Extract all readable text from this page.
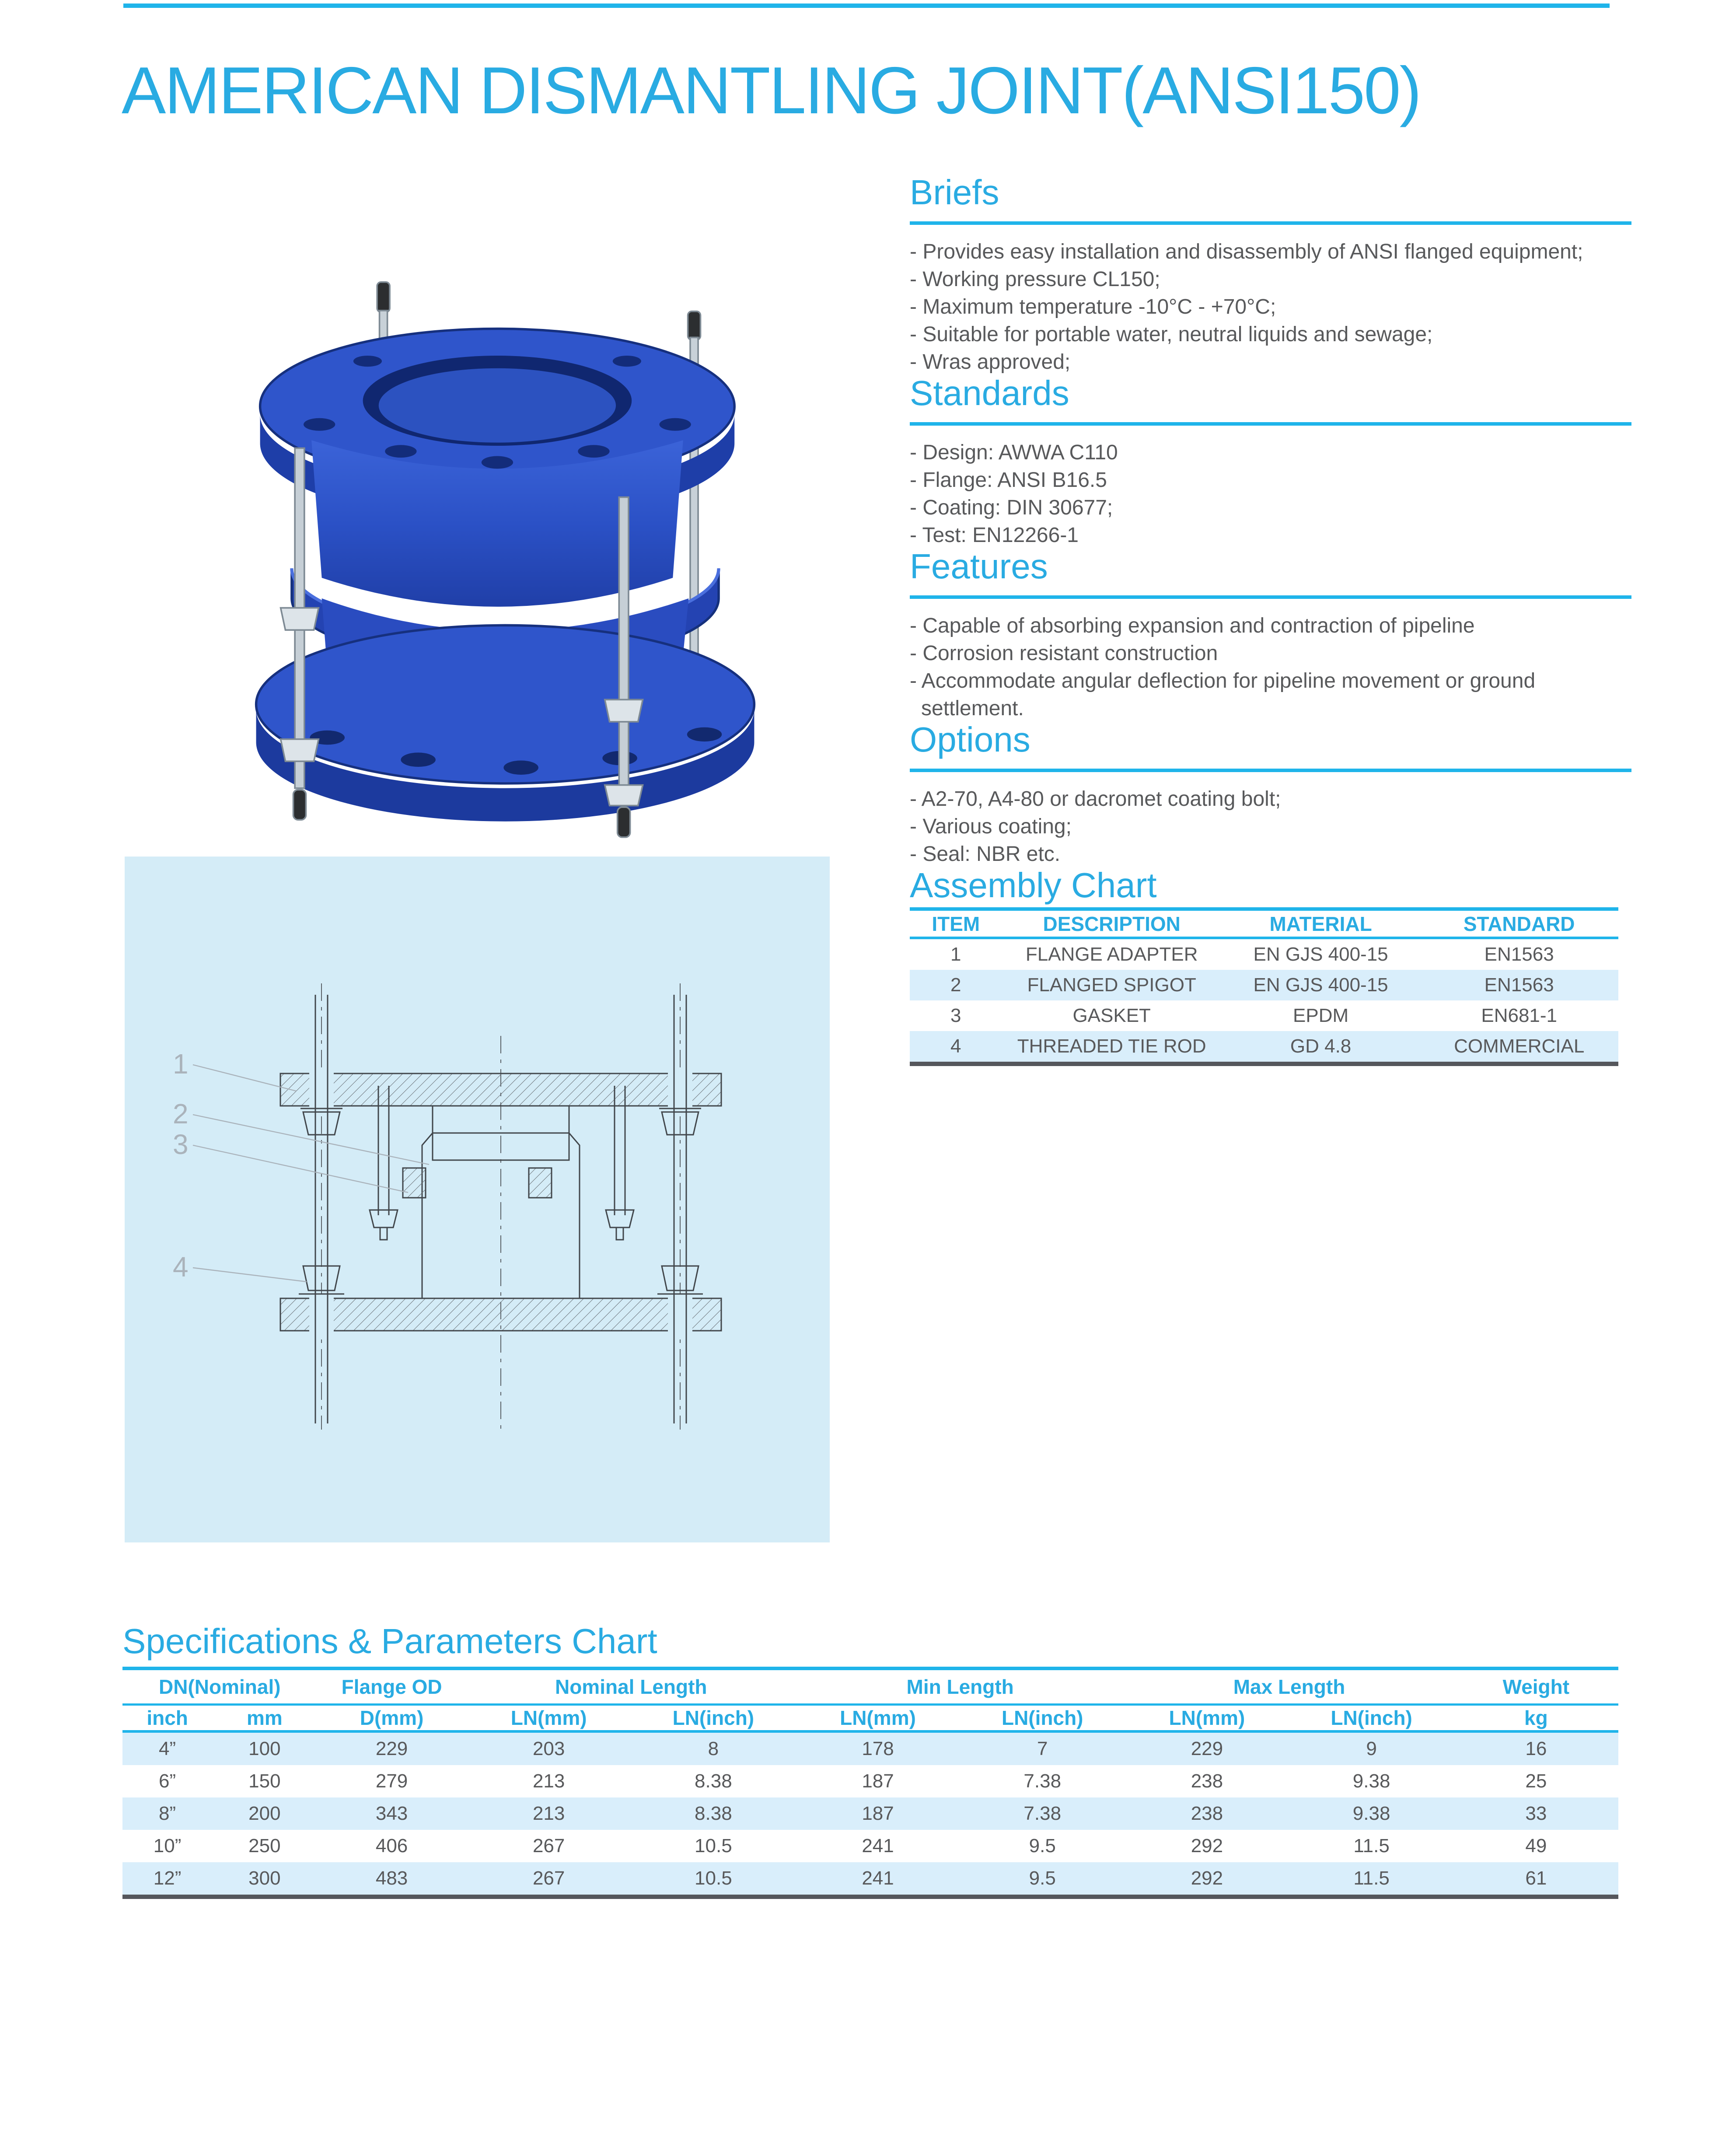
AMERICAN DISMANTLING JOINT(ANSI150)
1
2
3
4
Briefs
- Provides easy installation and disassembly of ANSI flanged equipment;
- Working pressure CL150;
- Maximum temperature -10°C - +70°C;
- Suitable for portable water, neutral liquids and sewage;
- Wras approved;
Standards
- Design: AWWA C110
- Flange: ANSI B16.5
- Coating: DIN 30677;
- Test: EN12266-1
Features
- Capable of absorbing expansion and contraction of pipeline
- Corrosion resistant construction
- Accommodate angular deflection for pipeline movement or ground settlement.
Options
- A2-70, A4-80 or dacromet coating bolt;
- Various coating;
- Seal: NBR etc.
Assembly Chart
ITEM	DESCRIPTION	MATERIAL	STANDARD
1	FLANGE ADAPTER	EN GJS 400-15	EN1563
2	FLANGED SPIGOT	EN GJS 400-15	EN1563
3	GASKET	EPDM	EN681-1
4	THREADED TIE ROD	GD 4.8	COMMERCIAL
Specifications & Parameters Chart
DN(Nominal)		Flange OD	Nominal Length		Min Length		Max Length		Weight
inch	mm	D(mm)	LN(mm)	LN(inch)	LN(mm)	LN(inch)	LN(mm)	LN(inch)	kg
4”	100	229	203	8	178	7	229	9	16
6”	150	279	213	8.38	187	7.38	238	9.38	25
8”	200	343	213	8.38	187	7.38	238	9.38	33
10”	250	406	267	10.5	241	9.5	292	11.5	49
12”	300	483	267	10.5	241	9.5	292	11.5	61
